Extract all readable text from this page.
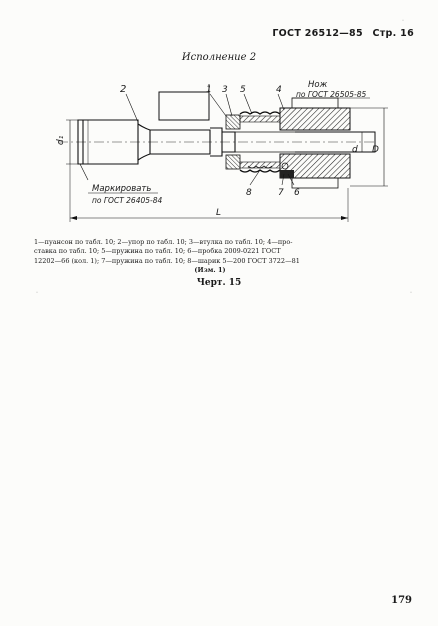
ГОСТ 26512—85 Стр. 16
Исполнение 2
d₁
d D
L
2	1 3 5	4	Нож
по ГОСТ 26505-85
8	7 6
Маркировать
по ГОСТ 26405-84
1—пуансон по табл. 10; 2—упор по табл. 10; 3—втулка по табл. 10; 4—про-
ставка по табл. 10; 5—пружина по табл. 10; 6—пробка 2009-0221 ГОСТ
12202—66 (кол. 1); 7—пружина по табл. 10; 8—шарик 5—200 ГОСТ 3722—81
(Изм. 1)
Черт. 15
179
·	·
·
